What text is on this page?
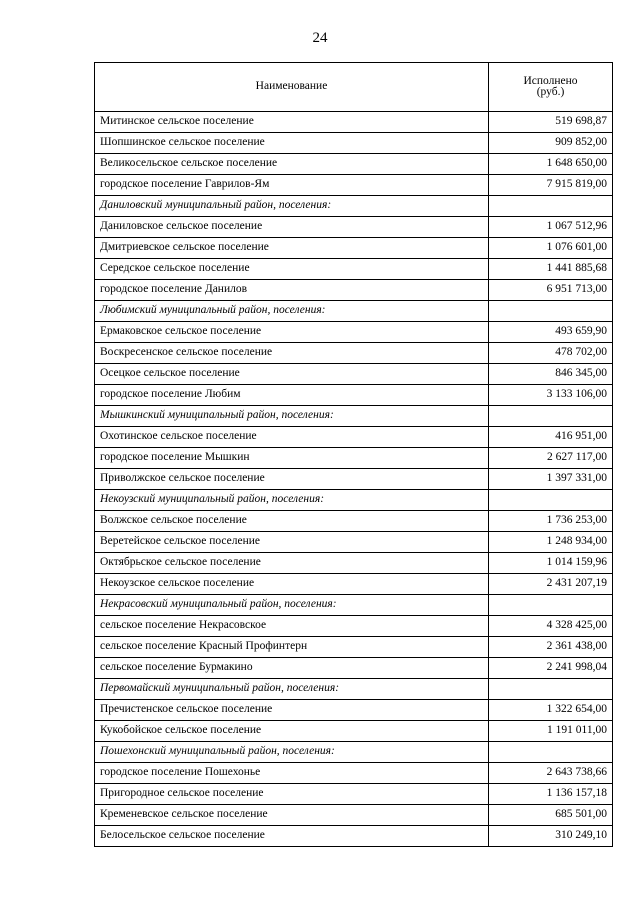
24
Наименование	Исполнено
(руб.)
Митинское сельское поселение	519 698,87
Шопшинское сельское поселение	909 852,00
Великосельское сельское поселение	1 648 650,00
городское поселение Гаврилов-Ям	7 915 819,00
Даниловский муниципальный район, поселения:	
Даниловское сельское поселение	1 067 512,96
Дмитриевское сельское поселение	1 076 601,00
Середское сельское поселение	1 441 885,68
городское поселение Данилов	6 951 713,00
Любимский муниципальный район, поселения:	
Ермаковское сельское поселение	493 659,90
Воскресенское сельское поселение	478 702,00
Осецкое сельское поселение	846 345,00
городское поселение Любим	3 133 106,00
Мышкинский муниципальный район, поселения:	
Охотинское сельское поселение	416 951,00
городское поселение Мышкин	2 627 117,00
Приволжское сельское поселение	1 397 331,00
Некоузский муниципальный район, поселения:	
Волжское сельское поселение	1 736 253,00
Веретейское сельское поселение	1 248 934,00
Октябрьское сельское поселение	1 014 159,96
Некоузское сельское поселение	2 431 207,19
Некрасовский муниципальный район, поселения:	
сельское поселение Некрасовское	4 328 425,00
сельское поселение Красный Профинтерн	2 361 438,00
сельское поселение Бурмакино	2 241 998,04
Первомайский муниципальный район, поселения:	
Пречистенское сельское поселение	1 322 654,00
Кукобойское сельское поселение	1 191 011,00
Пошехонский муниципальный район, поселения:	
городское поселение Пошехонье	2 643 738,66
Пригородное сельское поселение	1 136 157,18
Кременевское сельское поселение	685 501,00
Белосельское сельское поселение	310 249,10
